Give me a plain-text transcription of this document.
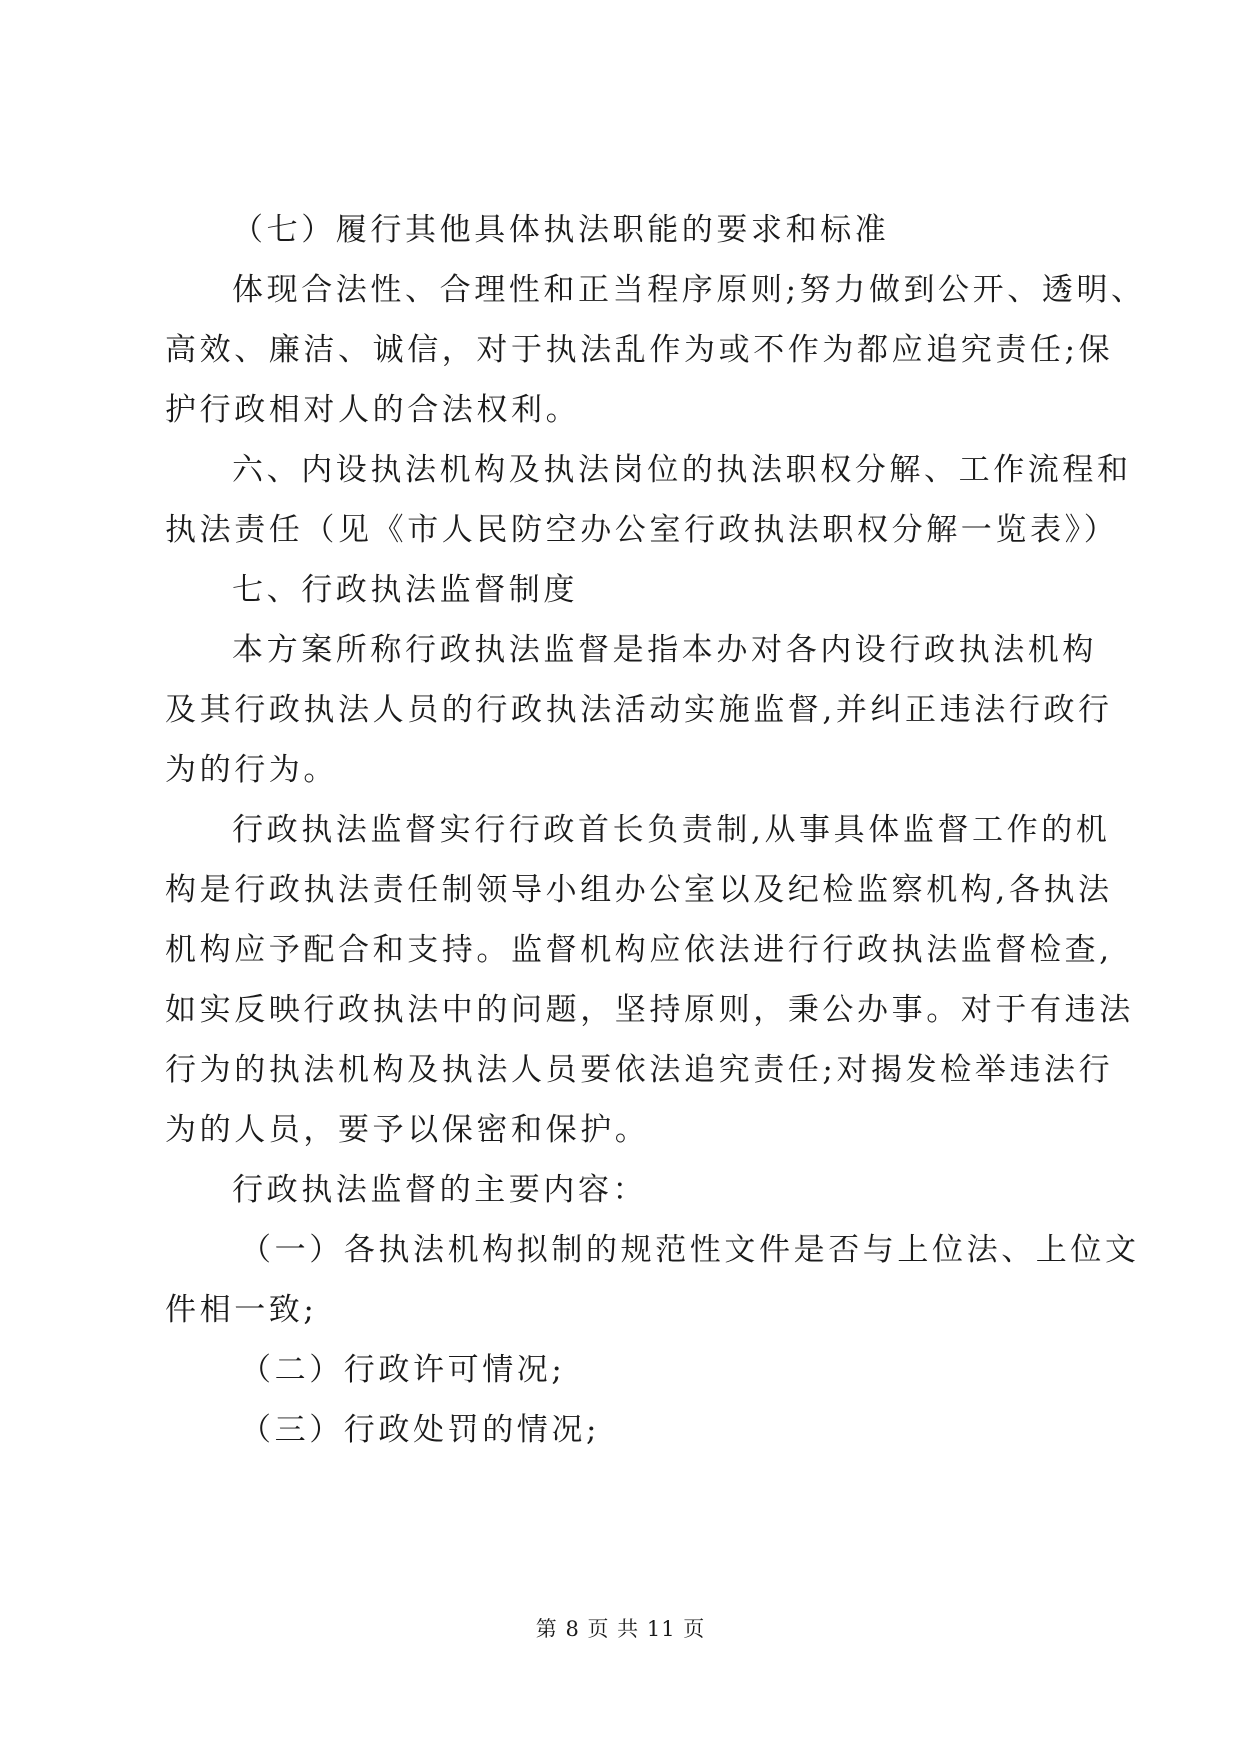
（七）履行其他具体执法职能的要求和标准
体现合法性、合理性和正当程序原则;努力做到公开、透明、
高效、廉洁、诚信，对于执法乱作为或不作为都应追究责任;保
护行政相对人的合法权利。
六、内设执法机构及执法岗位的执法职权分解、工作流程和
执法责任（见《市人民防空办公室行政执法职权分解一览表》）
七、行政执法监督制度
本方案所称行政执法监督是指本办对各内设行政执法机构
及其行政执法人员的行政执法活动实施监督,并纠正违法行政行
为的行为。
行政执法监督实行行政首长负责制,从事具体监督工作的机
构是行政执法责任制领导小组办公室以及纪检监察机构,各执法
机构应予配合和支持。监督机构应依法进行行政执法监督检查,
如实反映行政执法中的问题，坚持原则，秉公办事。对于有违法
行为的执法机构及执法人员要依法追究责任;对揭发检举违法行
为的人员，要予以保密和保护。
行政执法监督的主要内容：
（一）各执法机构拟制的规范性文件是否与上位法、上位文
件相一致;
（二）行政许可情况;
（三）行政处罚的情况;
第 8 页 共 11 页
